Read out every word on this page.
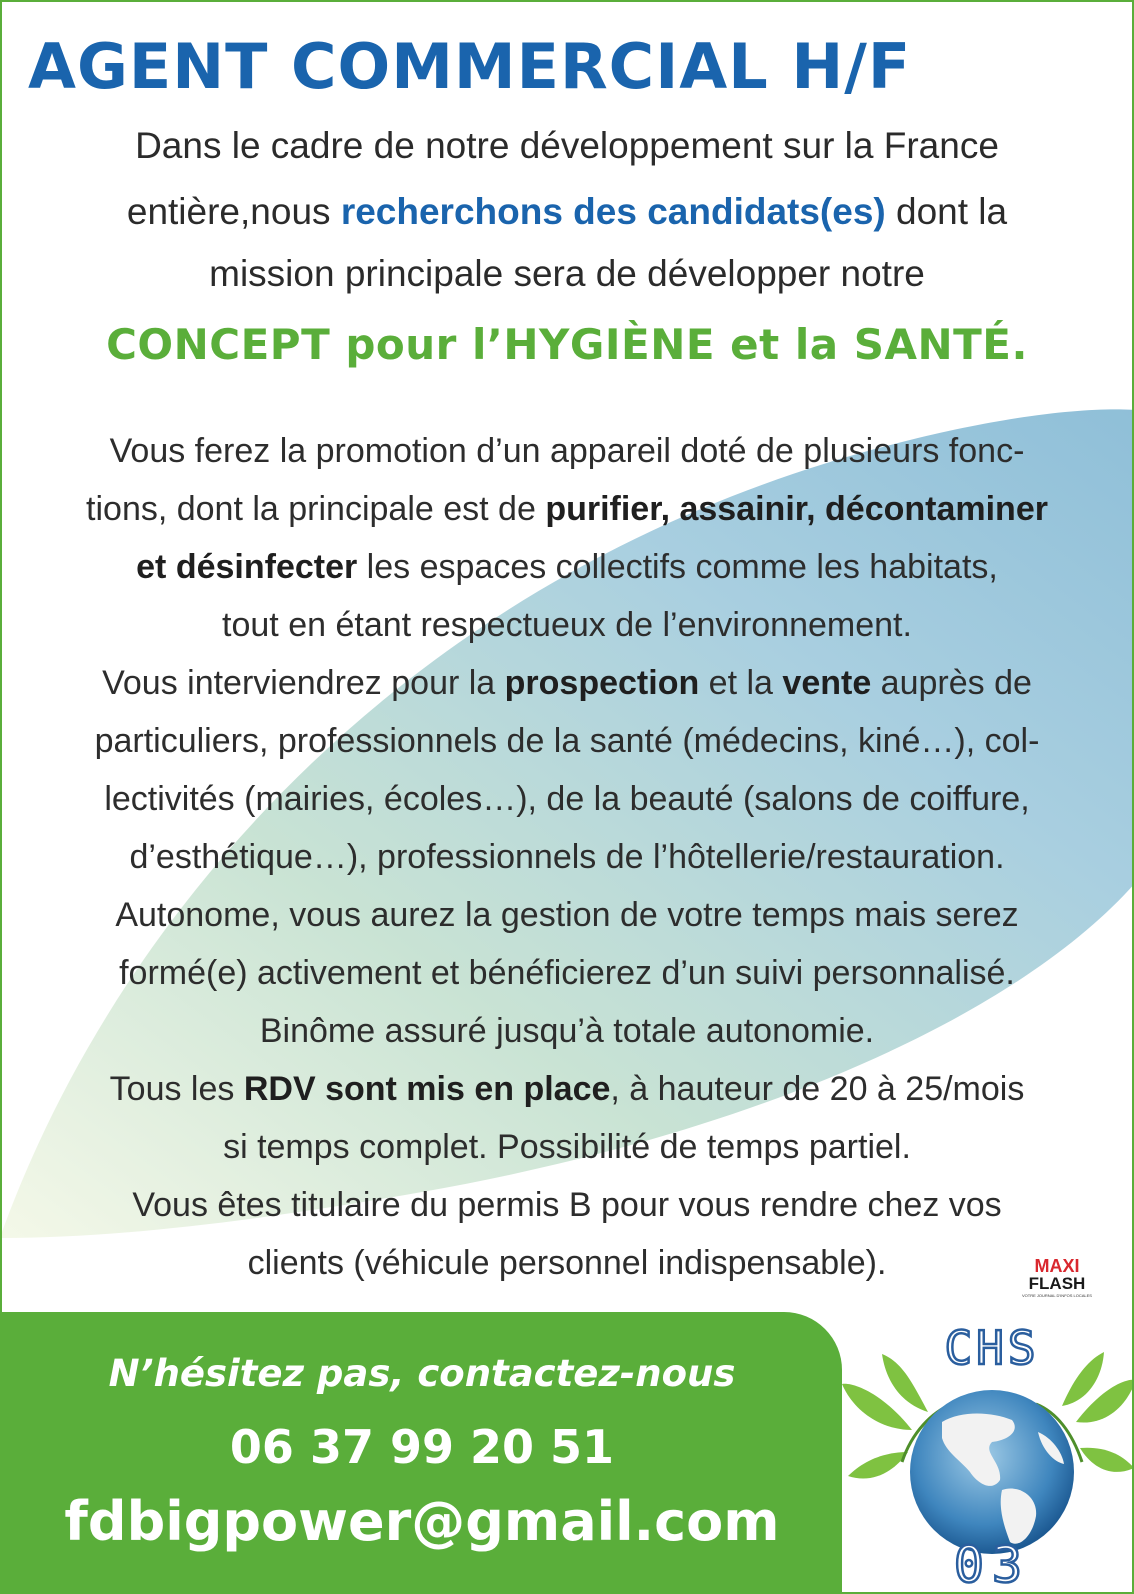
AGENT COMMERCIAL H/F
Dans le cadre de notre développement sur la France
entière,nous recherchons des candidats(es) dont la
mission principale sera de développer notre
CONCEPT pour l’HYGIÈNE et la SANTÉ.
Vous ferez la promotion d’un appareil doté de plusieurs fonc-
tions, dont la principale est de purifier, assainir, décontaminer
et désinfecter les espaces collectifs comme les habitats,
tout en étant respectueux de l’environnement.
Vous interviendrez pour la prospection et la vente auprès de
particuliers, professionnels de la santé (médecins, kiné…), col-
lectivités (mairies, écoles…), de la beauté (salons de coiffure,
d’esthétique…), professionnels de l’hôtellerie/restauration.
Autonome, vous aurez la gestion de votre temps mais serez
formé(e) activement et bénéficierez d’un suivi personnalisé.
Binôme assuré jusqu’à totale autonomie.
Tous les RDV sont mis en place, à hauteur de 20 à 25/mois
si temps complet. Possibilité de temps partiel.
Vous êtes titulaire du permis B pour vous rendre chez vos
clients (véhicule personnel indispensable).	MAXI
FLASH
VOTRE JOURNAL D'INFOS LOCALES
N’hésitez pas, contactez-nous
06 37 99 20 51
fdbigpower@gmail.com
CHS
03
